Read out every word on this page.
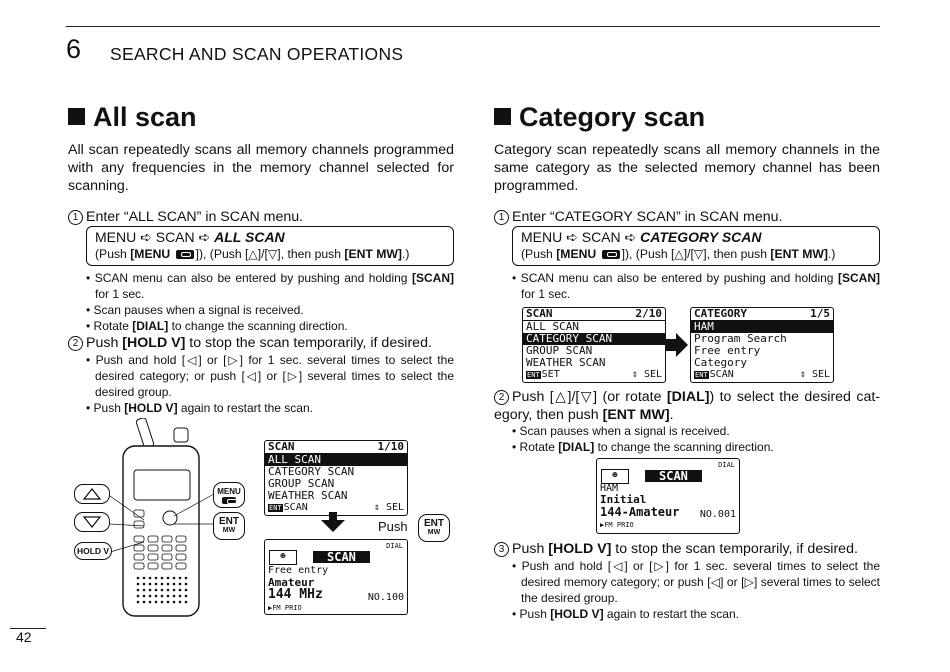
6 SEARCH AND SCAN OPERATIONS
All scan
All scan repeatedly scans all memory channels programmed with any frequencies in the memory channel selected for scanning.
1 Enter “ALL SCAN” in SCAN menu.
MENU ➪ SCAN ➪ ALL SCAN
(Push [MENU ]), (Push [△]/[▽], then push [ENT MW].)
• SCAN menu can also be entered by pushing and holding [SCAN] for 1 sec.
• Scan pauses when a signal is received.
• Rotate [DIAL] to change the scanning direction.
2 Push [HOLD V] to stop the scan temporarily, if desired.
• Push and hold [◁] or [▷] for 1 sec. several times to select the desired category; or push [◁] or [▷] several times to select the desired group.
• Push [HOLD V] again to restart the scan.
HOLD V
MENU
ENT
MW
SCAN	1/10
ALL SCAN
CATEGORY SCAN
GROUP SCAN
WEATHER SCAN
ENT SCAN	⇕ SEL
Push	ENT
MW
DIAL
☻	SCAN
Free entry
Amateur
144 MHz	NO.100
▶FM PRIO
Category scan
Category scan repeatedly scans all memory channels in the same category as the selected memory channel has been programmed.
1 Enter “CATEGORY SCAN” in SCAN menu.
MENU ➪ SCAN ➪ CATEGORY SCAN
(Push [MENU ]), (Push [△]/[▽], then push [ENT MW].)
• SCAN menu can also be entered by pushing and holding [SCAN] for 1 sec.
SCAN	2/10
ALL SCAN
CATEGORY SCAN
GROUP SCAN
WEATHER SCAN
ENT SET	⇕ SEL
CATEGORY	1/5
HAM
Program Search
Free entry
Category
ENT SCAN	⇕ SEL
2 Push [△]/[▽] (or rotate [DIAL]) to select the desired cat-egory, then push [ENT MW].
• Scan pauses when a signal is received.
• Rotate [DIAL] to change the scanning direction.
DIAL
☻	SCAN
HAM
Initial
144-Amateur NO.001
▶FM PRIO
3 Push [HOLD V] to stop the scan temporarily, if desired.
• Push and hold [◁] or [▷] for 1 sec. several times to select the desired memory category; or push [◁] or [▷] several times to select the desired group.
• Push [HOLD V] again to restart the scan.
42
